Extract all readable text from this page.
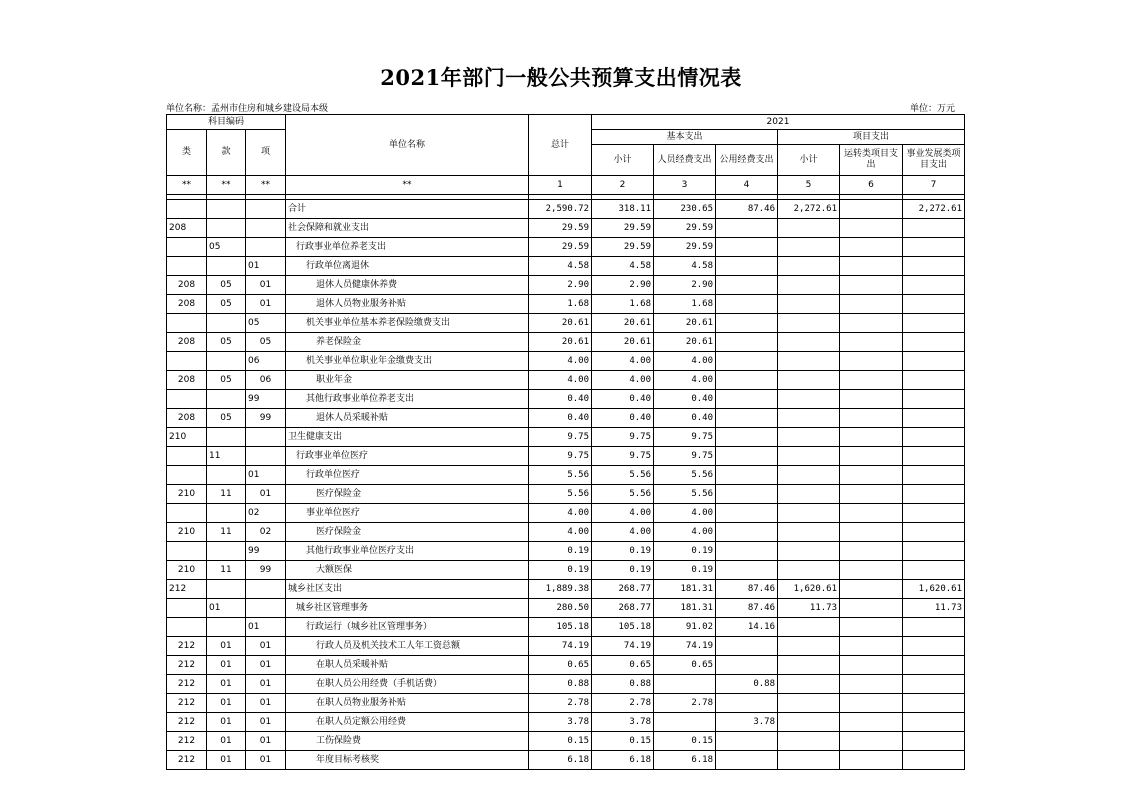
2021年部门一般公共预算支出情况表
单位名称：孟州市住房和城乡建设局本级	单位：万元
科目编码			单位名称	总计	2021					
类	款	项			基本支出			项目支出		
					小计	人员经费支出	公用经费支出	小计	运转类项目支出	事业发展类项目支出
**	**	**	**	1	2	3	4	5	6	7

			合计	2,590.72	318.11	230.65	87.46	2,272.61		2,272.61
208			社会保障和就业支出	29.59	29.59	29.59				
	05		行政事业单位养老支出	29.59	29.59	29.59				
		01	行政单位离退休	4.58	4.58	4.58				
208	05	01	退休人员健康休养费	2.90	2.90	2.90				
208	05	01	退休人员物业服务补贴	1.68	1.68	1.68				
		05	机关事业单位基本养老保险缴费支出	20.61	20.61	20.61				
208	05	05	养老保险金	20.61	20.61	20.61				
		06	机关事业单位职业年金缴费支出	4.00	4.00	4.00				
208	05	06	职业年金	4.00	4.00	4.00				
		99	其他行政事业单位养老支出	0.40	0.40	0.40				
208	05	99	退休人员采暖补贴	0.40	0.40	0.40				
210			卫生健康支出	9.75	9.75	9.75				
	11		行政事业单位医疗	9.75	9.75	9.75				
		01	行政单位医疗	5.56	5.56	5.56				
210	11	01	医疗保险金	5.56	5.56	5.56				
		02	事业单位医疗	4.00	4.00	4.00				
210	11	02	医疗保险金	4.00	4.00	4.00				
		99	其他行政事业单位医疗支出	0.19	0.19	0.19				
210	11	99	大额医保	0.19	0.19	0.19				
212			城乡社区支出	1,889.38	268.77	181.31	87.46	1,620.61		1,620.61
	01		城乡社区管理事务	280.50	268.77	181.31	87.46	11.73		11.73
		01	行政运行（城乡社区管理事务）	105.18	105.18	91.02	14.16			
212	01	01	行政人员及机关技术工人年工资总额	74.19	74.19	74.19				
212	01	01	在职人员采暖补贴	0.65	0.65	0.65				
212	01	01	在职人员公用经费（手机话费）	0.88	0.88		0.88			
212	01	01	在职人员物业服务补贴	2.78	2.78	2.78				
212	01	01	在职人员定额公用经费	3.78	3.78		3.78			
212	01	01	工伤保险费	0.15	0.15	0.15				
212	01	01	年度目标考核奖	6.18	6.18	6.18				
